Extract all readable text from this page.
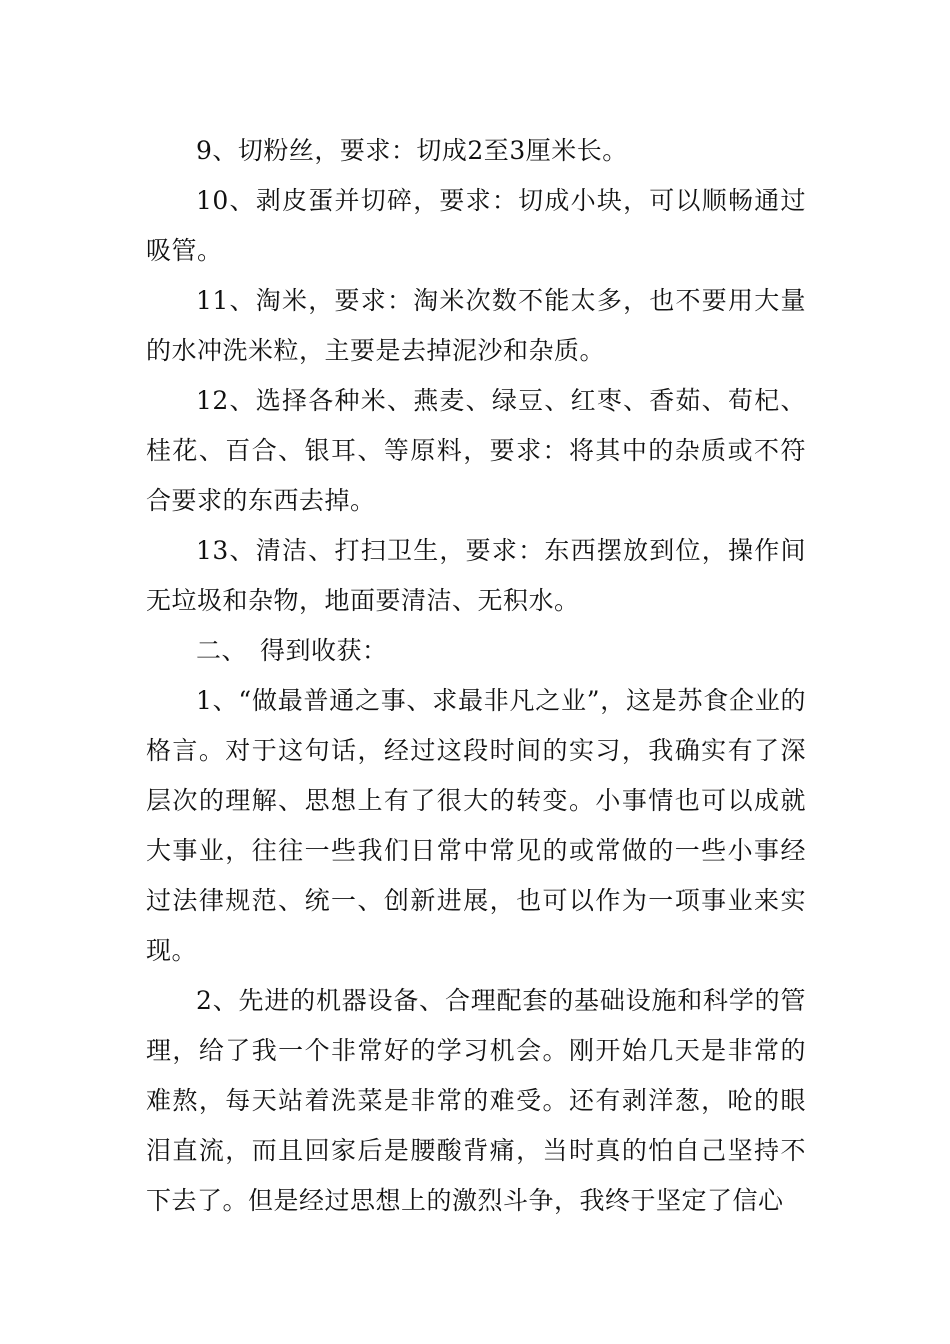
9、切粉丝，要求：切成2至3厘米长。

10、剥皮蛋并切碎，要求：切成小块，可以顺畅通过吸管。

11、淘米，要求：淘米次数不能太多，也不要用大量的水冲洗米粒，主要是去掉泥沙和杂质。

12、选择各种米、燕麦、绿豆、红枣、香茹、荀杞、桂花、百合、银耳、等原料，要求：将其中的杂质或不符合要求的东西去掉。

13、清洁、打扫卫生，要求：东西摆放到位，操作间无垃圾和杂物，地面要清洁、无积水。

二、　得到收获：

1、“做最普通之事、求最非凡之业”，这是苏食企业的格言。对于这句话，经过这段时间的实习，我确实有了深层次的理解、思想上有了很大的转变。小事情也可以成就大事业，往往一些我们日常中常见的或常做的一些小事经过法律规范、统一、创新进展，也可以作为一项事业来实现。

2、先进的机器设备、合理配套的基础设施和科学的管理，给了我一个非常好的学习机会。刚开始几天是非常的难熬，每天站着洗菜是非常的难受。还有剥洋葱，呛的眼泪直流，而且回家后是腰酸背痛，当时真的怕自己坚持不下去了。但是经过思想上的激烈斗争，我终于坚定了信心
